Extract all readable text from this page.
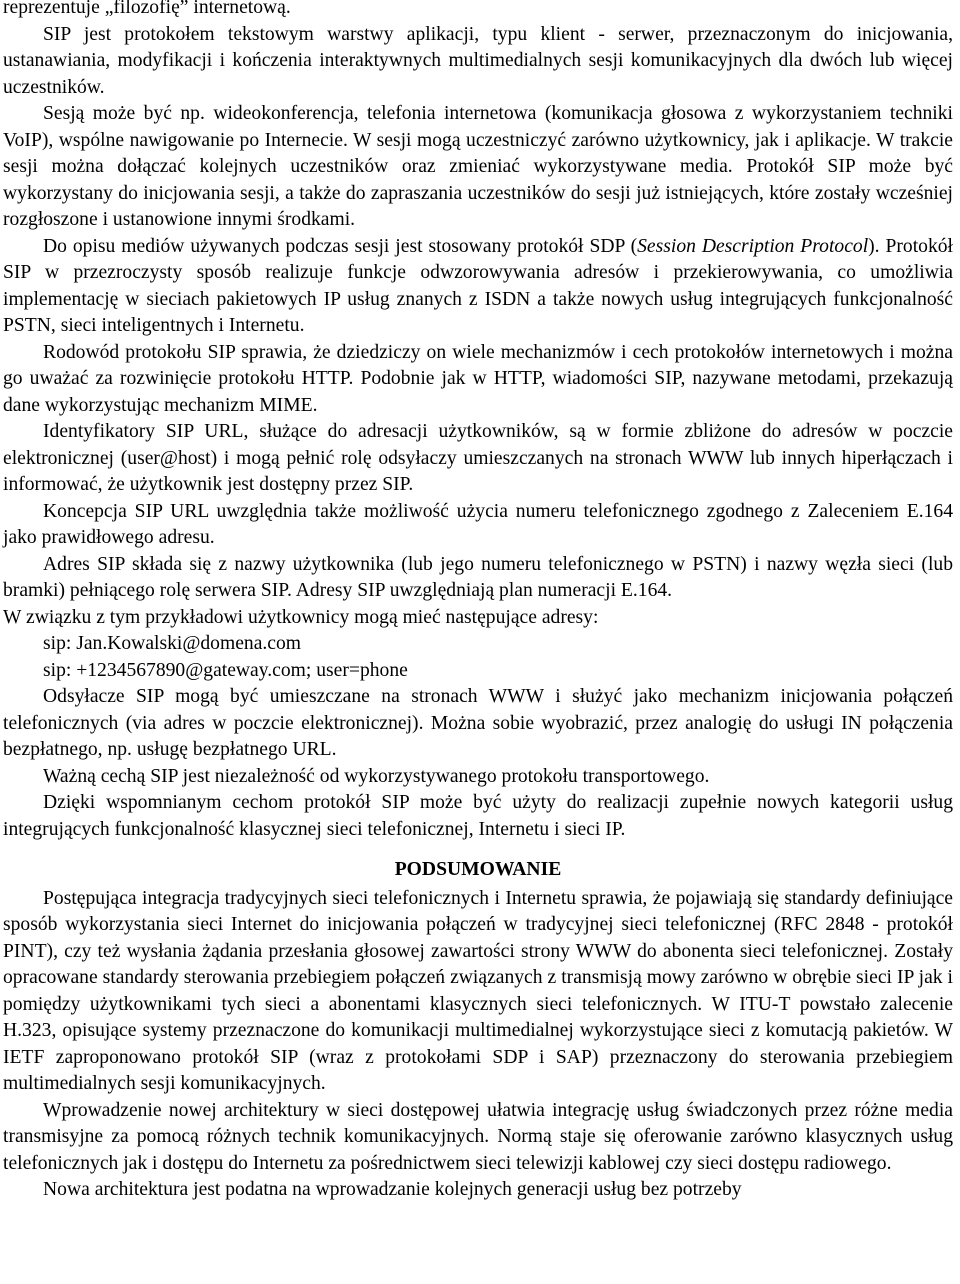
reprezentuje „filozofię” internetową.

SIP jest protokołem tekstowym warstwy aplikacji, typu klient - serwer, przeznaczonym do inicjowania, ustanawiania, modyfikacji i kończenia interaktywnych multimedialnych sesji komunikacyjnych dla dwóch lub więcej uczestników.

Sesją może być np. wideokonferencja, telefonia internetowa (komunikacja głosowa z wykorzystaniem techniki VoIP), wspólne nawigowanie po Internecie. W sesji mogą uczestniczyć zarówno użytkownicy, jak i aplikacje. W trakcie sesji można dołączać kolejnych uczestników oraz zmieniać wykorzystywane media. Protokół SIP może być wykorzystany do inicjowania sesji, a także do zapraszania uczestników do sesji już istniejących, które zostały wcześniej rozgłoszone i ustanowione innymi środkami.

Do opisu mediów używanych podczas sesji jest stosowany protokół SDP (Session Description Protocol). Protokół SIP w przezroczysty sposób realizuje funkcje odwzorowywania adresów i przekierowywania, co umożliwia implementację w sieciach pakietowych IP usług znanych z ISDN a także nowych usług integrujących funkcjonalność PSTN, sieci inteligentnych i Internetu.

Rodowód protokołu SIP sprawia, że dziedziczy on wiele mechanizmów i cech protokołów internetowych i można go uważać za rozwinięcie protokołu HTTP. Podobnie jak w HTTP, wiadomości SIP, nazywane metodami, przekazują dane wykorzystując mechanizm MIME.

Identyfikatory SIP URL, służące do adresacji użytkowników, są w formie zbliżone do adresów w poczcie elektronicznej (user@host) i mogą pełnić rolę odsyłaczy umieszczanych na stronach WWW lub innych hiperłączach i informować, że użytkownik jest dostępny przez SIP.

Koncepcja SIP URL uwzględnia także możliwość użycia numeru telefonicznego zgodnego z Zaleceniem E.164 jako prawidłowego adresu.

Adres SIP składa się z nazwy użytkownika (lub jego numeru telefonicznego w PSTN) i nazwy węzła sieci (lub bramki) pełniącego rolę serwera SIP. Adresy SIP uwzględniają plan numeracji E.164.

W związku z tym przykładowi użytkownicy mogą mieć następujące adresy:

sip: Jan.Kowalski@domena.com

sip: +1234567890@gateway.com; user=phone

Odsyłacze SIP mogą być umieszczane na stronach WWW i służyć jako mechanizm inicjowania połączeń telefonicznych (via adres w poczcie elektronicznej). Można sobie wyobrazić, przez analogię do usługi IN połączenia bezpłatnego, np. usługę bezpłatnego URL.

Ważną cechą SIP jest niezależność od wykorzystywanego protokołu transportowego.

Dzięki wspomnianym cechom protokół SIP może być użyty do realizacji zupełnie nowych kategorii usług integrujących funkcjonalność klasycznej sieci telefonicznej, Internetu i sieci IP.

PODSUMOWANIE

Postępująca integracja tradycyjnych sieci telefonicznych i Internetu sprawia, że pojawiają się standardy definiujące sposób wykorzystania sieci Internet do inicjowania połączeń w tradycyjnej sieci telefonicznej (RFC 2848 - protokół PINT), czy też wysłania żądania przesłania głosowej zawartości strony WWW do abonenta sieci telefonicznej. Zostały opracowane standardy sterowania przebiegiem połączeń związanych z transmisją mowy zarówno w obrębie sieci IP jak i pomiędzy użytkownikami tych sieci a abonentami klasycznych sieci telefonicznych. W ITU-T powstało zalecenie H.323, opisujące systemy przeznaczone do komunikacji multimedialnej wykorzystujące sieci z komutacją pakietów. W IETF zaproponowano protokół SIP (wraz z protokołami SDP i SAP) przeznaczony do sterowania przebiegiem multimedialnych sesji komunikacyjnych.

Wprowadzenie nowej architektury w sieci dostępowej ułatwia integrację usług świadczonych przez różne media transmisyjne za pomocą różnych technik komunikacyjnych. Normą staje się oferowanie zarówno klasycznych usług telefonicznych jak i dostępu do Internetu za pośrednictwem sieci telewizji kablowej czy sieci dostępu radiowego.

Nowa architektura jest podatna na wprowadzanie kolejnych generacji usług bez potrzeby
